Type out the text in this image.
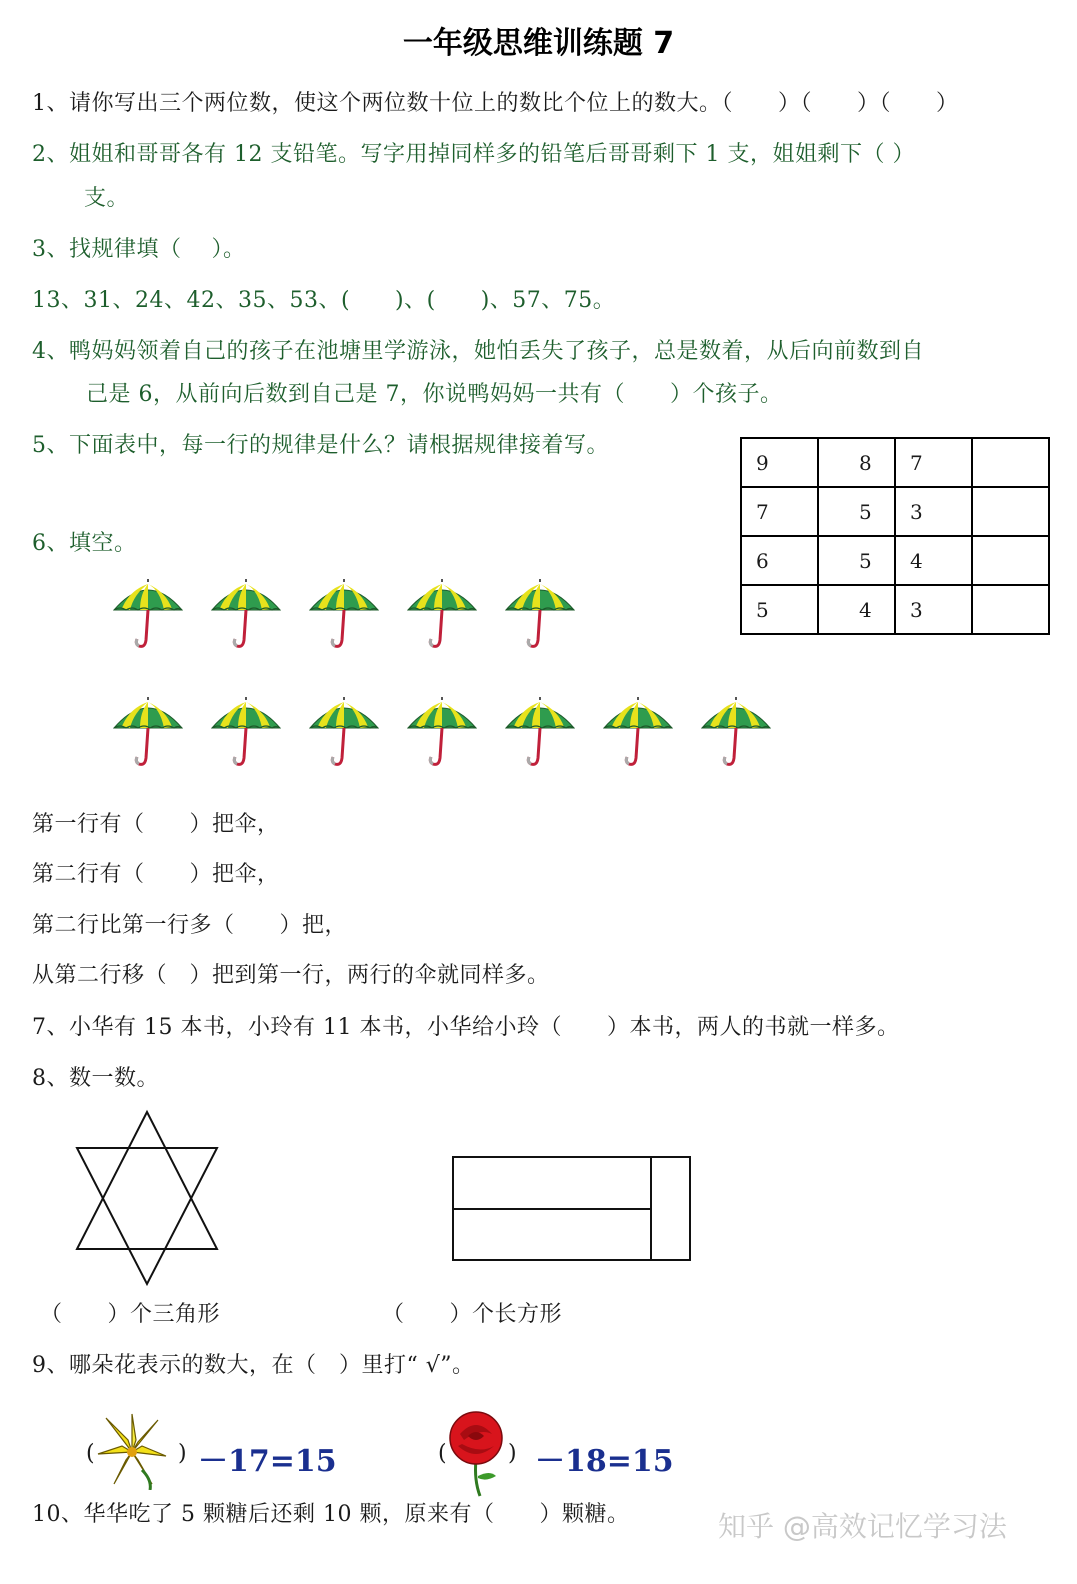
一年级思维训练题 7
1、请你写出三个两位数，使这个两位数十位上的数比个位上的数大。（　　）（　　）（　　）
2、姐姐和哥哥各有 12 支铅笔。写字用掉同样多的铅笔后哥哥剩下 1 支，姐姐剩下（ ）
支。
3、找规律填（　 ）。
13、31、24、42、35、53、(　　)、(　　)、57、75。
4、鸭妈妈领着自己的孩子在池塘里学游泳，她怕丢失了孩子，总是数着，从后向前数到自
己是 6，从前向后数到自己是 7，你说鸭妈妈一共有（　　）个孩子。
5、下面表中，每一行的规律是什么？请根据规律接着写。
9	8	7	
7	5	3	
6	5	4	
5	4	3	
6、填空。
第一行有（　　）把伞，
第二行有（　　）把伞，
第二行比第一行多（　　）把，
从第二行移（　）把到第一行，两行的伞就同样多。
7、小华有 15 本书，小玲有 11 本书，小华给小玲（　　）本书，两人的书就一样多。
8、数一数。
（　　）个三角形	（　　）个长方形
9、哪朵花表示的数大，在（　）里打“ √”。
(	) －17=15	(	) －18=15
10、华华吃了 5 颗糖后还剩 10 颗，原来有（　　）颗糖。	知乎 @高效记忆学习法
